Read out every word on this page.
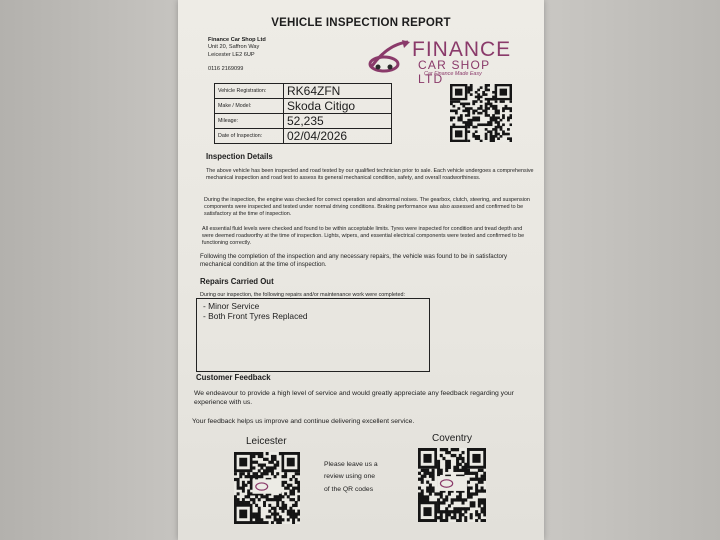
VEHICLE INSPECTION REPORT
Finance Car Shop Ltd
Unit 20, Saffron Way
Leicester LE2 6UP
0116 2169099
FINANCE
CAR SHOP LTD
Car Finance Made Easy
Vehicle Registration:	RK64ZFN
Make / Model:	Skoda Citigo
Mileage:	52,235
Date of Inspection:	02/04/2026
Inspection Details
The above vehicle has been inspected and road tested by our qualified technician prior to sale. Each vehicle undergoes a comprehensive mechanical inspection and road test to assess its general mechanical condition, safety, and overall roadworthiness.
During the inspection, the engine was checked for correct operation and abnormal noises. The gearbox, clutch, steering, and suspension components were inspected and tested under normal driving conditions. Braking performance was also assessed and confirmed to be satisfactory at the time of inspection.
All essential fluid levels were checked and found to be within acceptable limits. Tyres were inspected for condition and tread depth and were deemed roadworthy at the time of inspection. Lights, wipers, and essential electrical components were tested and confirmed to be functioning correctly.
Following the completion of the inspection and any necessary repairs, the vehicle was found to be in satisfactory mechanical condition at the time of inspection.
Repairs Carried Out
During our inspection, the following repairs and/or maintenance work were completed:
- Minor Service
- Both Front Tyres Replaced
Customer Feedback
We endeavour to provide a high level of service and would greatly appreciate any feedback regarding your experience with us.
Your feedback helps us improve and continue delivering excellent service.
Leicester	Coventry
Please leave us a
review using one
of the QR codes
